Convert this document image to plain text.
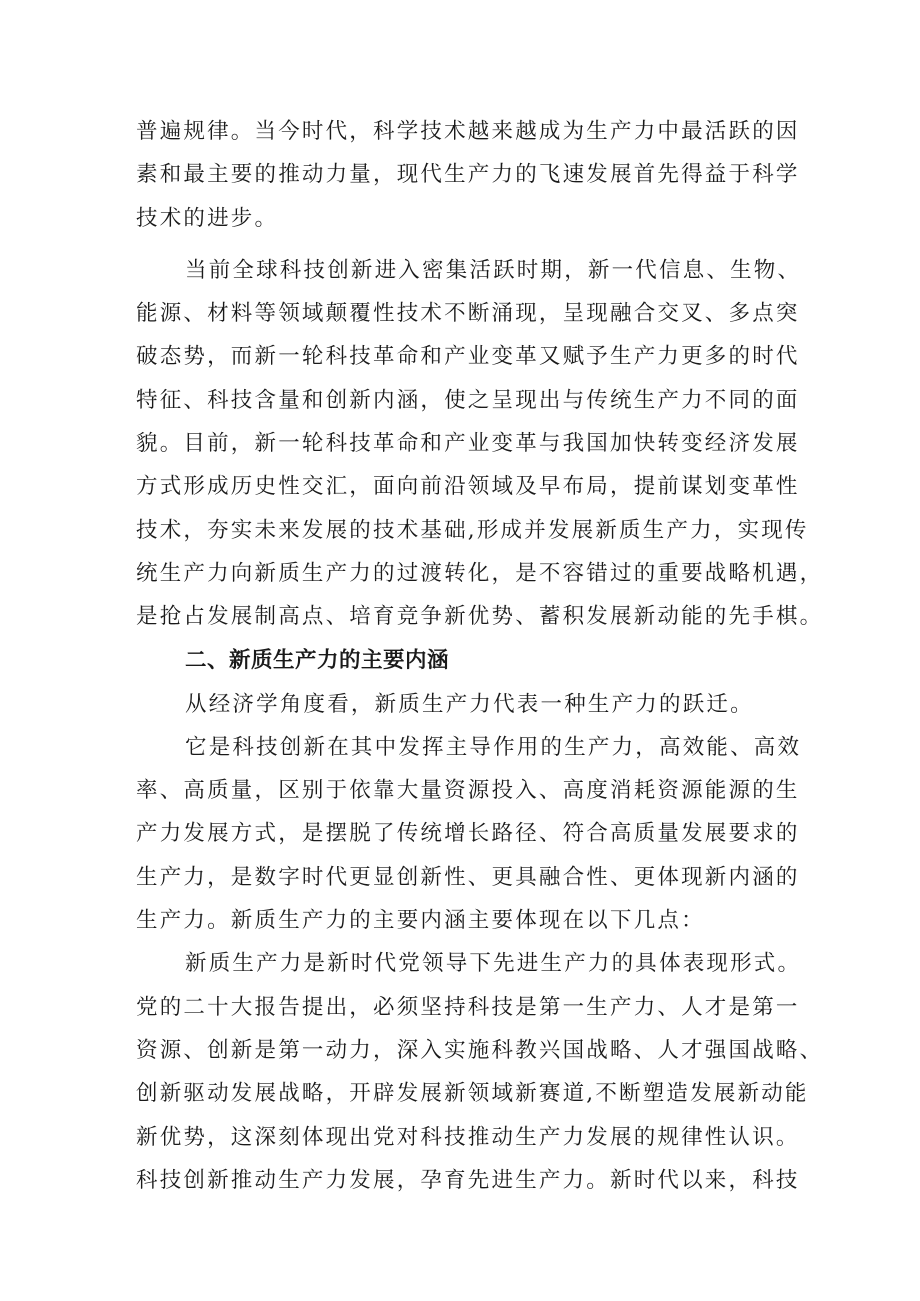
普遍规律。当今时代，科学技术越来越成为生产力中最活跃的因
素和最主要的推动力量，现代生产力的飞速发展首先得益于科学
技术的进步。
当前全球科技创新进入密集活跃时期，新一代信息、生物、
能源、材料等领域颠覆性技术不断涌现，呈现融合交叉、多点突
破态势，而新一轮科技革命和产业变革又赋予生产力更多的时代
特征、科技含量和创新内涵，使之呈现出与传统生产力不同的面
貌。目前，新一轮科技革命和产业变革与我国加快转变经济发展
方式形成历史性交汇，面向前沿领域及早布局，提前谋划变革性
技术，夯实未来发展的技术基础,形成并发展新质生产力，实现传
统生产力向新质生产力的过渡转化，是不容错过的重要战略机遇，
是抢占发展制高点、培育竞争新优势、蓄积发展新动能的先手棋。
二、新质生产力的主要内涵
从经济学角度看，新质生产力代表一种生产力的跃迁。
它是科技创新在其中发挥主导作用的生产力，高效能、高效
率、高质量，区别于依靠大量资源投入、高度消耗资源能源的生
产力发展方式，是摆脱了传统增长路径、符合高质量发展要求的
生产力，是数字时代更显创新性、更具融合性、更体现新内涵的
生产力。新质生产力的主要内涵主要体现在以下几点：
新质生产力是新时代党领导下先进生产力的具体表现形式。
党的二十大报告提出，必须坚持科技是第一生产力、人才是第一
资源、创新是第一动力，深入实施科教兴国战略、人才强国战略、
创新驱动发展战略，开辟发展新领域新赛道,不断塑造发展新动能
新优势，这深刻体现出党对科技推动生产力发展的规律性认识。
科技创新推动生产力发展，孕育先进生产力。新时代以来，科技
